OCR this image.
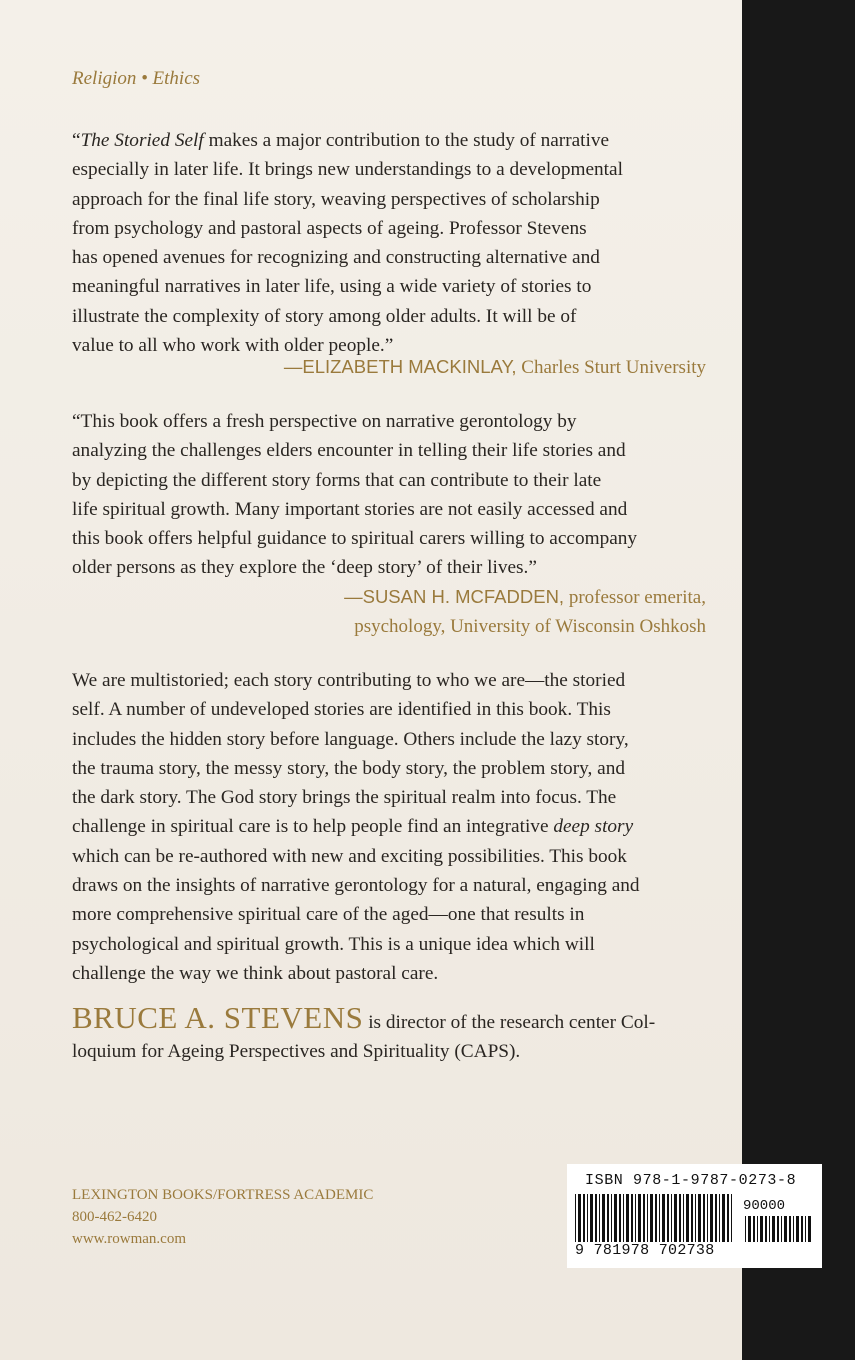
Religion • Ethics
“The Storied Self makes a major contribution to the study of narrative
especially in later life. It brings new understandings to a developmental
approach for the final life story, weaving perspectives of scholarship
from psychology and pastoral aspects of ageing. Professor Stevens
has opened avenues for recognizing and constructing alternative and
meaningful narratives in later life, using a wide variety of stories to
illustrate the complexity of story among older adults. It will be of
value to all who work with older people.”
—ELIZABETH MACKINLAY, Charles Sturt University
“This book offers a fresh perspective on narrative gerontology by
analyzing the challenges elders encounter in telling their life stories and
by depicting the different story forms that can contribute to their late
life spiritual growth. Many important stories are not easily accessed and
this book offers helpful guidance to spiritual carers willing to accompany
older persons as they explore the ‘deep story’ of their lives.”
—SUSAN H. MCFADDEN, professor emerita,
psychology, University of Wisconsin Oshkosh
We are multistoried; each story contributing to who we are—the storied
self. A number of undeveloped stories are identified in this book. This
includes the hidden story before language. Others include the lazy story,
the trauma story, the messy story, the body story, the problem story, and
the dark story. The God story brings the spiritual realm into focus. The
challenge in spiritual care is to help people find an integrative deep story
which can be re-authored with new and exciting possibilities. This book
draws on the insights of narrative gerontology for a natural, engaging and
more comprehensive spiritual care of the aged—one that results in
psychological and spiritual growth. This is a unique idea which will
challenge the way we think about pastoral care.
BRUCE A. STEVENS is director of the research center Col-
loquium for Ageing Perspectives and Spirituality (CAPS).
LEXINGTON BOOKS/FORTRESS ACADEMIC
800-462-6420
www.rowman.com
ISBN 978-1-9787-0273-8
90000
9 781978 702738
